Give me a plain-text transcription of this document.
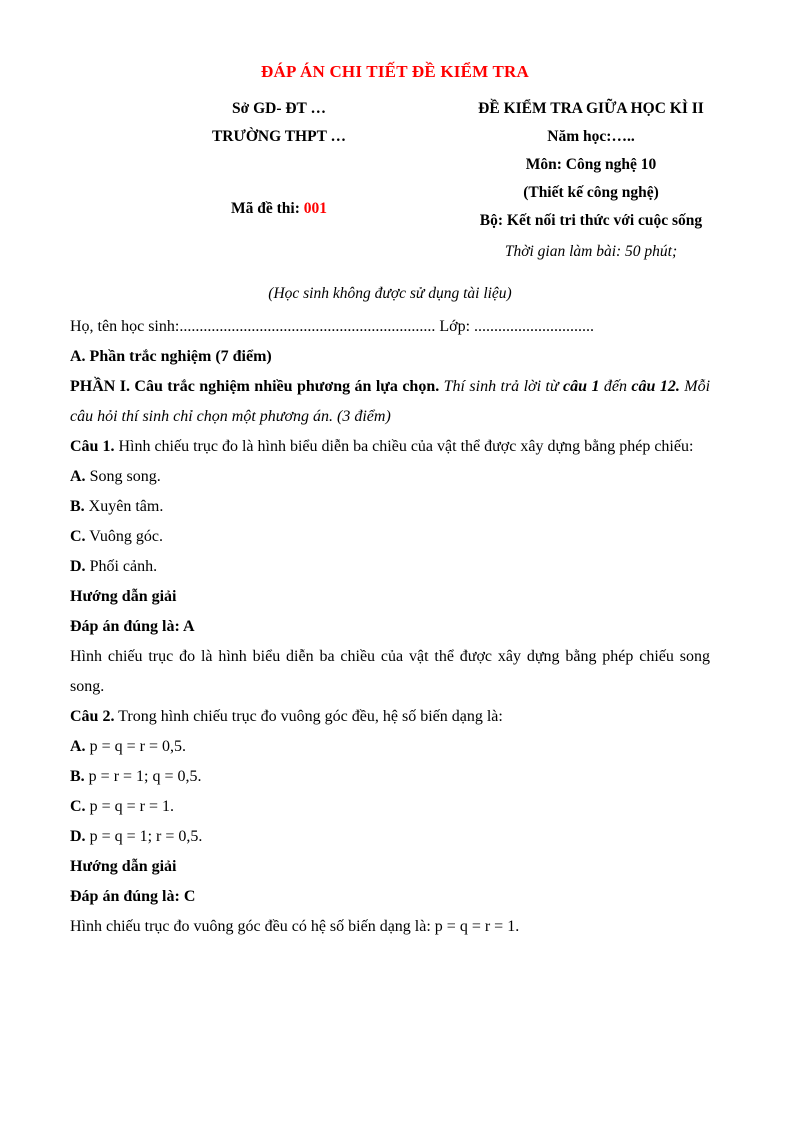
ĐÁP ÁN CHI TIẾT ĐỀ KIỂM TRA
Sở GD- ĐT …
TRƯỜNG THPT …
Mã đề thi: 001
ĐỀ KIỂM TRA GIỮA HỌC KÌ II
Năm học:…..
Môn: Công nghệ 10
(Thiết kế công nghệ)
Bộ: Kết nối tri thức với cuộc sống
Thời gian làm bài: 50 phút;
(Học sinh không được sử dụng tài liệu)

Họ, tên học sinh:................................................................ Lớp: ..............................

A. Phần trắc nghiệm (7 điểm)

PHẦN I. Câu trắc nghiệm nhiều phương án lựa chọn. Thí sinh trả lời từ câu 1 đến câu 12. Mỗi câu hỏi thí sinh chỉ chọn một phương án. (3 điểm)

Câu 1. Hình chiếu trục đo là hình biểu diễn ba chiều của vật thể được xây dựng bằng phép chiếu:

A. Song song.

B. Xuyên tâm.

C. Vuông góc.

D. Phối cảnh.

Hướng dẫn giải

Đáp án đúng là: A

Hình chiếu trục đo là hình biểu diễn ba chiều của vật thể được xây dựng bằng phép chiếu song song.

Câu 2. Trong hình chiếu trục đo vuông góc đều, hệ số biến dạng là:

A. p = q = r = 0,5.

B. p = r = 1; q = 0,5.

C. p = q = r = 1.

D. p = q = 1; r = 0,5.

Hướng dẫn giải

Đáp án đúng là: C

Hình chiếu trục đo vuông góc đều có hệ số biến dạng là: p = q = r = 1.
